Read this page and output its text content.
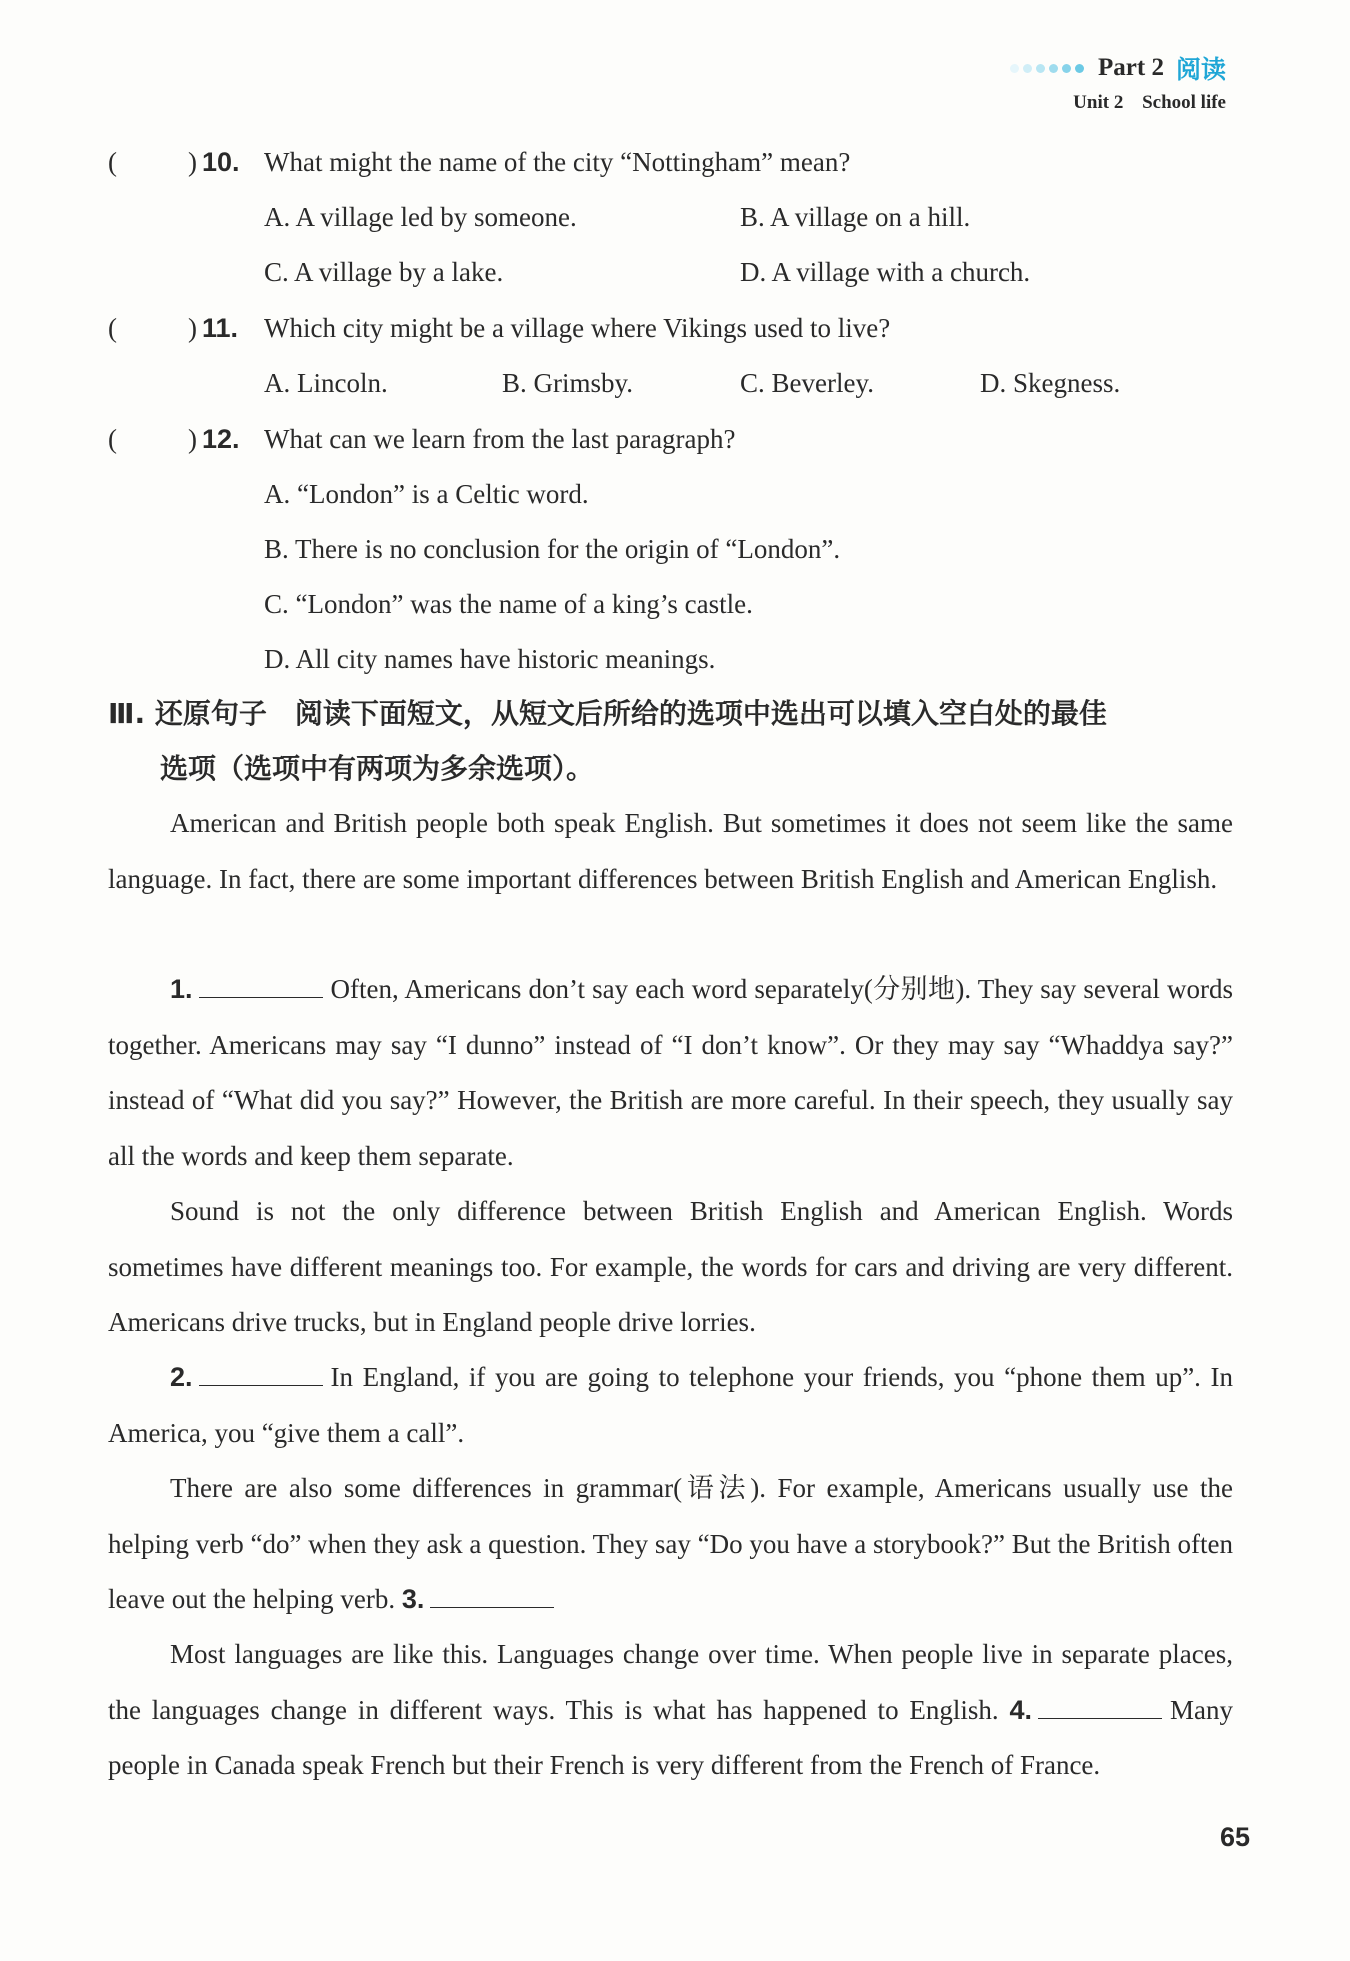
Part 2 阅读
Unit 2 School life
(	) 10. What might the name of the city “Nottingham” mean?
A. A village led by someone.	B. A village on a hill.
C. A village by a lake.	D. A village with a church.
(	) 11. Which city might be a village where Vikings used to live?
A. Lincoln.	B. Grimsby.	C. Beverley.	D. Skegness.
(	) 12. What can we learn from the last paragraph?
A. “London” is a Celtic word.
B. There is no conclusion for the origin of “London”.
C. “London” was the name of a king’s castle.
D. All city names have historic meanings.
Ⅲ. 还原句子　阅读下面短文，从短文后所给的选项中选出可以填入空白处的最佳
选项（选项中有两项为多余选项）。
American and British people both speak English. But sometimes it does not seem like the same language. In fact, there are some important differences between British English and American English.
1.	Often, Americans don’t say each word separately(分别地). They say several words together. Americans may say “I dunno” instead of “I don’t know”. Or they may say “Whaddya say?” instead of “What did you say?” However, the British are more careful. In their speech, they usually say all the words and keep them separate.
Sound is not the only difference between British English and American English. Words sometimes have different meanings too. For example, the words for cars and driving are very different. Americans drive trucks, but in England people drive lorries.
2.	In England, if you are going to telephone your friends, you “phone them up”. In America, you “give them a call”.
There are also some differences in grammar(语法). For example, Americans usually use the helping verb “do” when they ask a question. They say “Do you have a storybook?” But the British often leave out the helping verb. 3.
Most languages are like this. Languages change over time. When people live in separate places, the languages change in different ways. This is what has happened to English. 4.	Many people in Canada speak French but their French is very different from the French of France.
65
